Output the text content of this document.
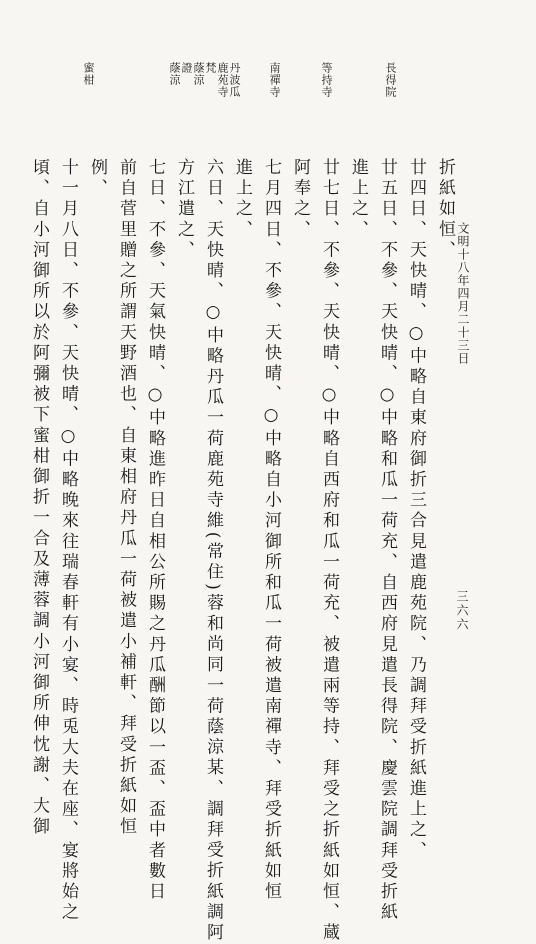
長得院
等持寺
南禪寺
丹波瓜
鹿苑寺
梵
蔭涼
證
蔭涼
蜜柑
三六六
文明十八年四月二十三日
折紙如恒、
廿四日、天快晴、○中略自東府御折三合見遣鹿苑院、乃調拜受折紙進上之、
廿五日、不參、天快晴、○中略和瓜一荷充、自西府見遣長得院、慶雲院調拜受折紙
進上之、
廿七日、不參、天快晴、○中略自西府和瓜一荷充、被遣兩等持、拜受之折紙如恒、蔵
阿奉之、
七月四日、不參、天快晴、○中略自小河御所和瓜一荷被遣南禪寺、拜受折紙如恒
進上之、
六日、天快晴、○中略丹瓜一荷鹿苑寺維(常住)蓉和尚同一荷蔭涼某、調拜受折紙調阿
方江遣之、
七日、不參、天氣快晴、○中略進昨日自相公所賜之丹瓜酬節以一盃、盃中者數日
前自菅里贈之所謂天野酒也、自東相府丹瓜一荷被遣小補軒、拜受折紙如恒
例、
十一月八日、不參、天快晴、○中略晚來往瑞春軒有小宴、時兎大夫在座、宴將始之
頃、自小河御所以於阿彌被下蜜柑御折一合及薄蓉調小河御所伸忱謝、大御
